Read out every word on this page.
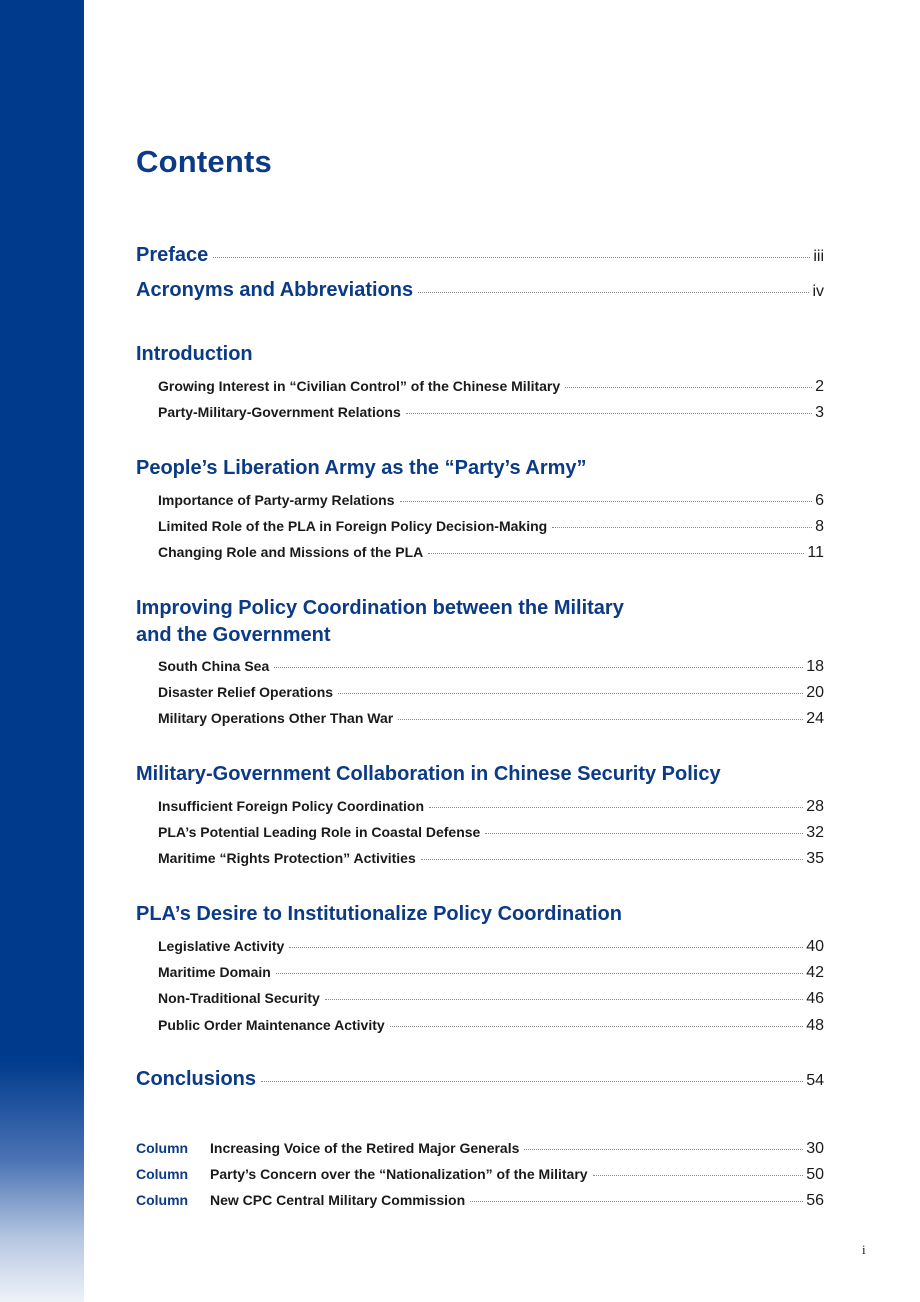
Contents
Preface	iii
Acronyms and Abbreviations	iv
Introduction
Growing Interest in “Civilian Control” of the Chinese Military	2
Party-Military-Government Relations	3
People’s Liberation Army as the “Party’s Army”
Importance of Party-army Relations	6
Limited Role of the PLA in Foreign Policy Decision-Making	8
Changing Role and Missions of the PLA	11
Improving Policy Coordination between the Military
and the Government
South China Sea	18
Disaster Relief Operations	20
Military Operations Other Than War	24
Military-Government Collaboration in Chinese Security Policy
Insufficient Foreign Policy Coordination	28
PLA’s Potential Leading Role in Coastal Defense	32
Maritime “Rights Protection” Activities	35
PLA’s Desire to Institutionalize Policy Coordination
Legislative Activity	40
Maritime Domain	42
Non-Traditional Security	46
Public Order Maintenance Activity	48
Conclusions	54
Column	Increasing Voice of the Retired Major Generals	30
Column	Party’s Concern over the “Nationalization” of the Military	50
Column	New CPC Central Military Commission	56
i
